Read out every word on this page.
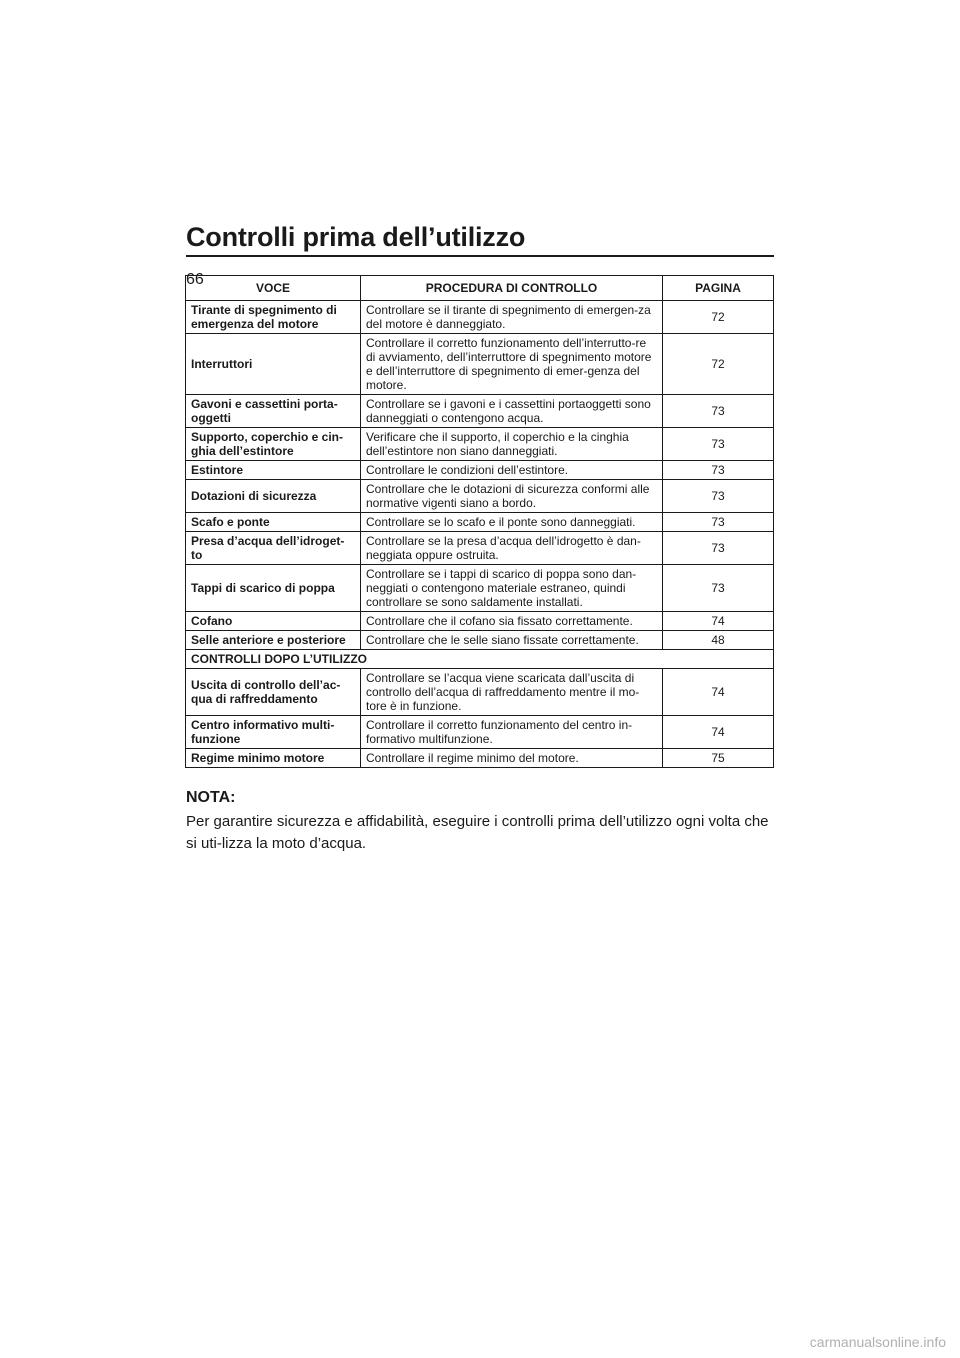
Controlli prima dell’utilizzo
VOCE	PROCEDURA DI CONTROLLO	PAGINA
Tirante di spegnimento di emergenza del motore	Controllare se il tirante di spegnimento di emergen-za del motore è danneggiato.	72
Interruttori	Controllare il corretto funzionamento dell’interrutto-re di avviamento, dell’interruttore di spegnimento motore e dell’interruttore di spegnimento di emer-genza del motore.	72
Gavoni e cassettini porta-oggetti	Controllare se i gavoni e i cassettini portaoggetti sono danneggiati o contengono acqua.	73
Supporto, coperchio e cin-ghia dell’estintore	Verificare che il supporto, il coperchio e la cinghia dell’estintore non siano danneggiati.	73
Estintore	Controllare le condizioni dell’estintore.	73
Dotazioni di sicurezza	Controllare che le dotazioni di sicurezza conformi alle normative vigenti siano a bordo.	73
Scafo e ponte	Controllare se lo scafo e il ponte sono danneggiati.	73
Presa d’acqua dell’idroget-to	Controllare se la presa d’acqua dell’idrogetto è dan-neggiata oppure ostruita.	73
Tappi di scarico di poppa	Controllare se i tappi di scarico di poppa sono dan-neggiati o contengono materiale estraneo, quindi controllare se sono saldamente installati.	73
Cofano	Controllare che il cofano sia fissato correttamente.	74
Selle anteriore e posteriore	Controllare che le selle siano fissate correttamente.	48
CONTROLLI DOPO L’UTILIZZO		
Uscita di controllo dell’ac-qua di raffreddamento	Controllare se l’acqua viene scaricata dall’uscita di controllo dell’acqua di raffreddamento mentre il mo-tore è in funzione.	74
Centro informativo multi-funzione	Controllare il corretto funzionamento del centro in-formativo multifunzione.	74
Regime minimo motore	Controllare il regime minimo del motore.	75
66
NOTA:
Per garantire sicurezza e affidabilità, eseguire i controlli prima dell’utilizzo ogni volta che si uti-lizza la moto d’acqua.
carmanualsonline.info
